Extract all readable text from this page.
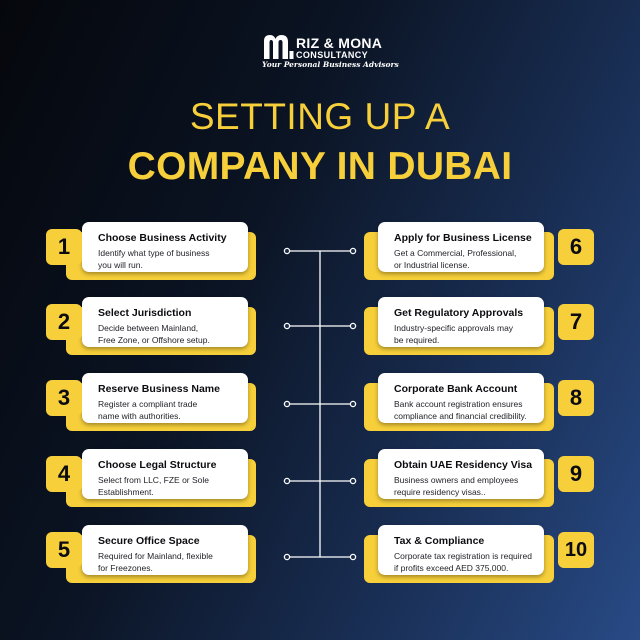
RIZ & MONA
CONSULTANCY
Your Personal Business Advisors
SETTING UP A
COMPANY IN DUBAI
Choose Business Activity
Identify what type of business
you will run.
1
Select Jurisdiction
Decide between Mainland,
Free Zone, or Offshore setup.
2
Reserve Business Name
Register a compliant trade
name with authorities.
3
Choose Legal Structure
Select from LLC, FZE or Sole
Establishment.
4
Secure Office Space
Required for Mainland, flexible
for Freezones.
5
Apply for Business License
Get a Commercial, Professional,
or Industrial license.
6
Get Regulatory Approvals
Industry-specific approvals may
be required.
7
Corporate Bank Account
Bank account registration ensures
compliance and financial credibility.
8
Obtain UAE Residency Visa
Business owners and employees
require residency visas..
9
Tax & Compliance
Corporate tax registration is required
if profits exceed AED 375,000.
10
